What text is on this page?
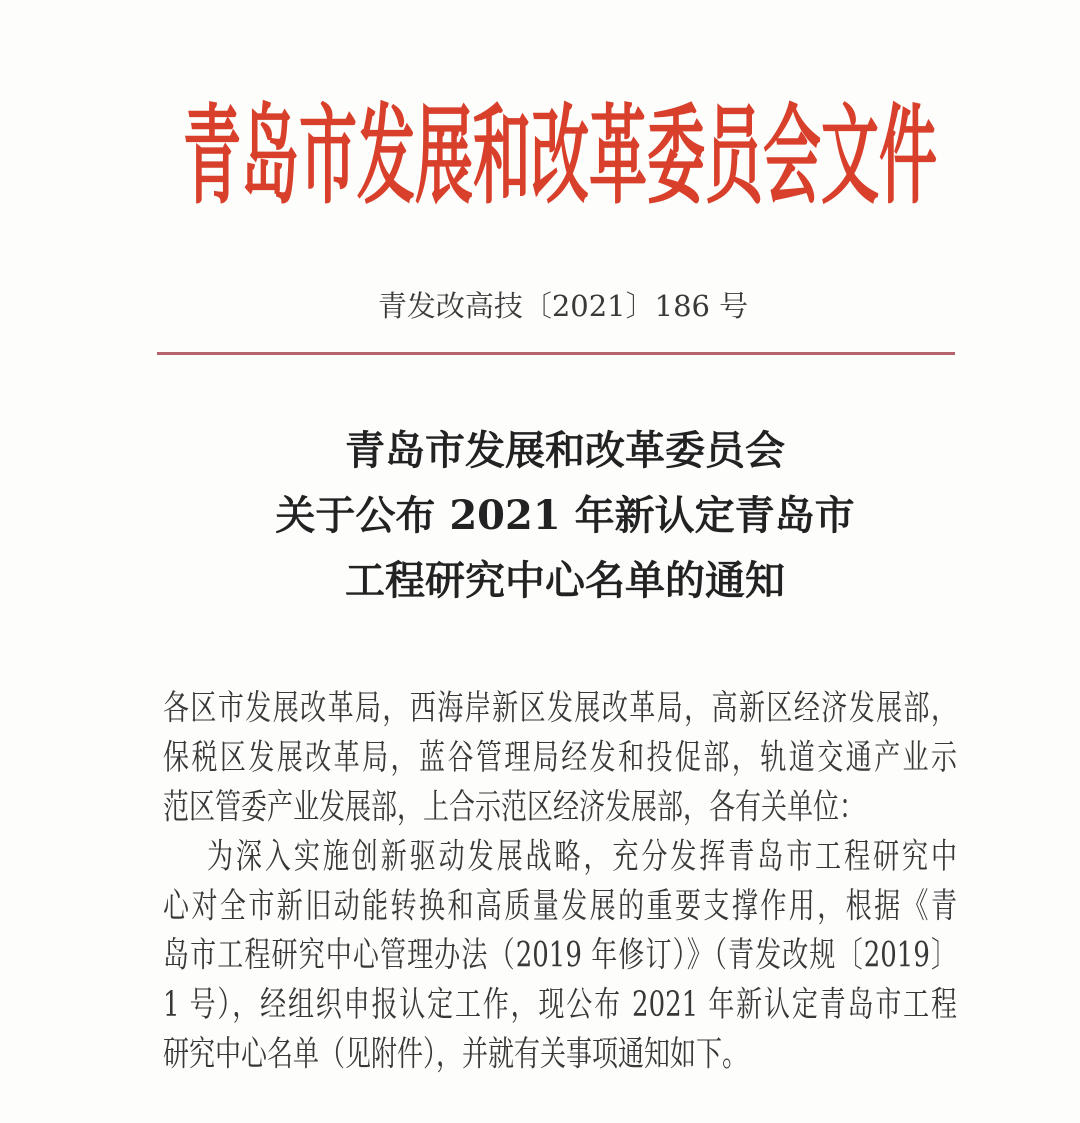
青岛市发展和改革委员会文件
青发改高技〔2021〕186 号
青岛市发展和改革委员会
关于公布 2021 年新认定青岛市
工程研究中心名单的通知
各区市发展改革局，西海岸新区发展改革局，高新区经济发展部，
保税区发展改革局，蓝谷管理局经发和投促部，轨道交通产业示
范区管委产业发展部，上合示范区经济发展部，各有关单位：
为深入实施创新驱动发展战略，充分发挥青岛市工程研究中
心对全市新旧动能转换和高质量发展的重要支撑作用，根据《青
岛市工程研究中心管理办法（2019 年修订）》（青发改规〔2019〕
1 号），经组织申报认定工作，现公布 2021 年新认定青岛市工程
研究中心名单（见附件），并就有关事项通知如下。
